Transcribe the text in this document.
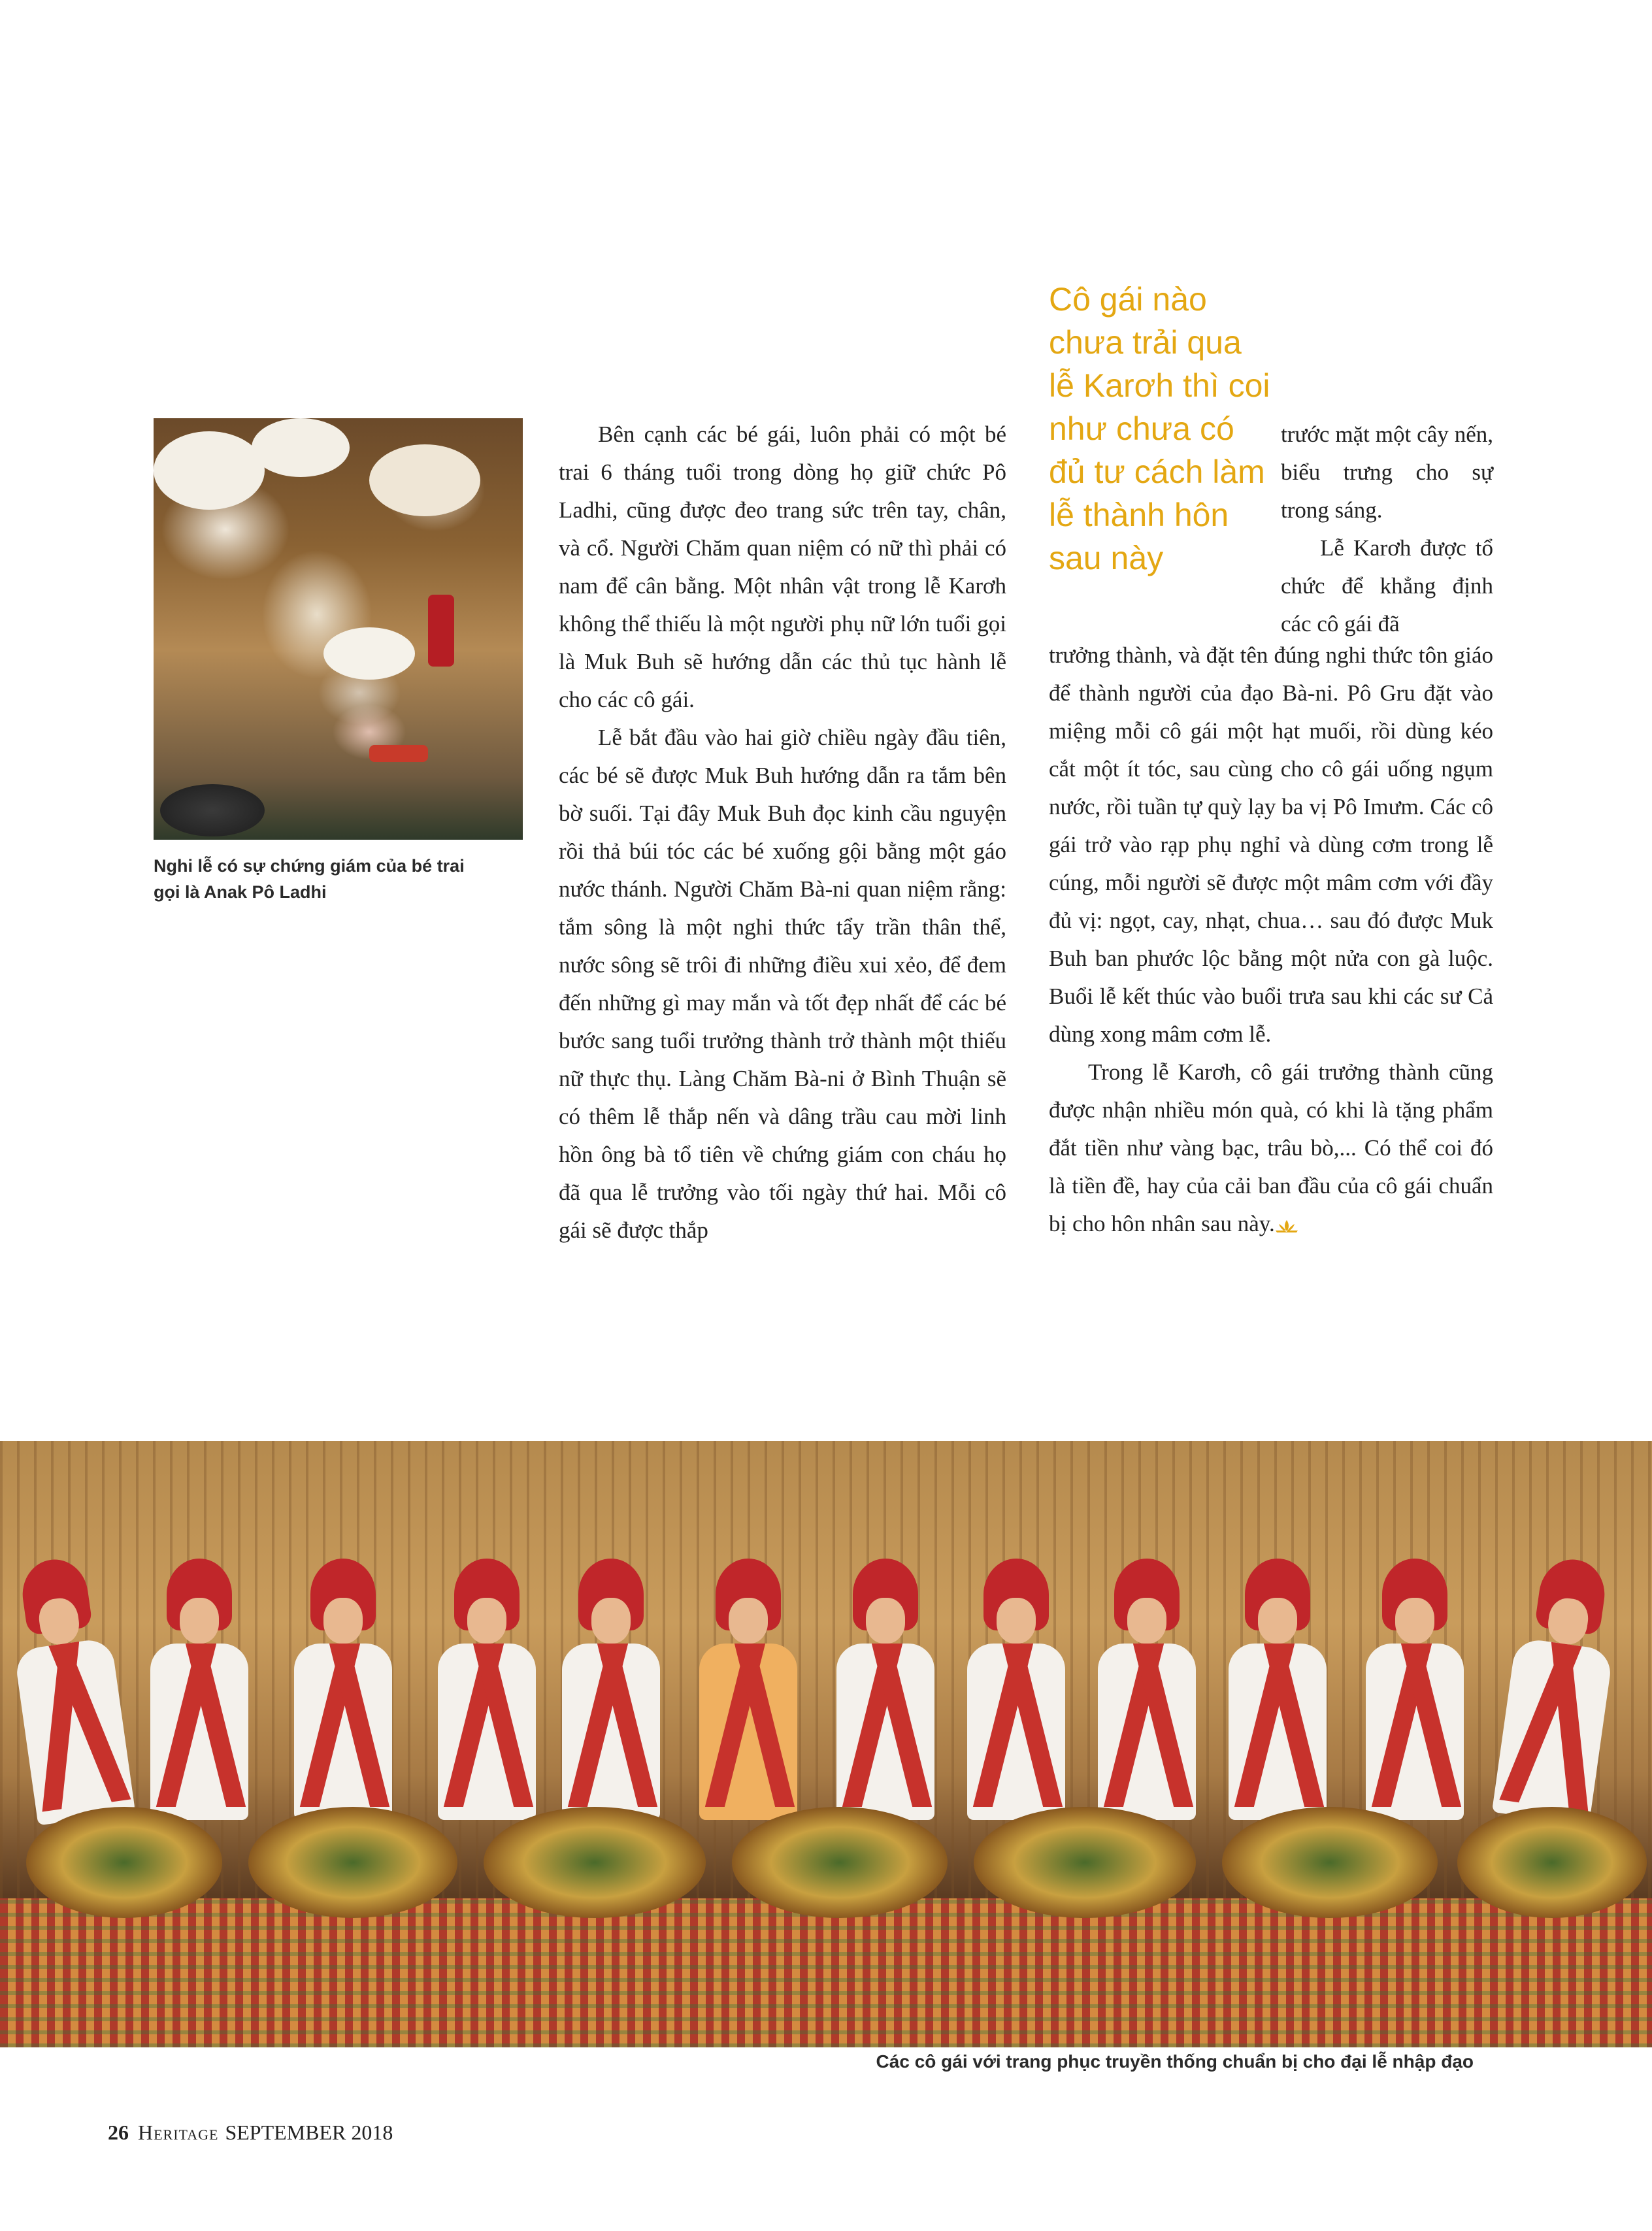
Nghi lễ có sự chứng giám của bé trai
gọi là Anak Pô Ladhi

Bên cạnh các bé gái, luôn phải có một bé trai 6 tháng tuổi trong dòng họ giữ chức Pô Ladhi, cũng được đeo trang sức trên tay, chân, và cổ. Người Chăm quan niệm có nữ thì phải có nam để cân bằng. Một nhân vật trong lễ Karơh không thể thiếu là một người phụ nữ lớn tuổi gọi là Muk Buh sẽ hướng dẫn các thủ tục hành lễ cho các cô gái.

Lễ bắt đầu vào hai giờ chiều ngày đầu tiên, các bé sẽ được Muk Buh hướng dẫn ra tắm bên bờ suối. Tại đây Muk Buh đọc kinh cầu nguyện rồi thả búi tóc các bé xuống gội bằng một gáo nước thánh. Người Chăm Bà-ni quan niệm rằng: tắm sông là một nghi thức tẩy trần thân thể, nước sông sẽ trôi đi những điều xui xẻo, để đem đến những gì may mắn và tốt đẹp nhất để các bé bước sang tuổi trưởng thành trở thành một thiếu nữ thực thụ. Làng Chăm Bà-ni ở Bình Thuận sẽ có thêm lễ thắp nến và dâng trầu cau mời linh hồn ông bà tổ tiên về chứng giám con cháu họ đã qua lễ trưởng vào tối ngày thứ hai. Mỗi cô gái sẽ được thắp

Cô gái nào chưa trải qua lễ Karơh thì coi như chưa có đủ tư cách làm lễ thành hôn sau này

trước mặt một cây nến, biểu trưng cho sự trong sáng.

Lễ Karơh được tổ chức để khẳng định các cô gái đã

trưởng thành, và đặt tên đúng nghi thức tôn giáo để thành người của đạo Bà-ni. Pô Gru đặt vào miệng mỗi cô gái một hạt muối, rồi dùng kéo cắt một ít tóc, sau cùng cho cô gái uống ngụm nước, rồi tuần tự quỳ lạy ba vị Pô Imưm. Các cô gái trở vào rạp phụ nghỉ và dùng cơm trong lễ cúng, mỗi người sẽ được một mâm cơm với đầy đủ vị: ngọt, cay, nhạt, chua… sau đó được Muk Buh ban phước lộc bằng một nửa con gà luộc. Buổi lễ kết thúc vào buổi trưa sau khi các sư Cả dùng xong mâm cơm lễ.

Trong lễ Karơh, cô gái trưởng thành cũng được nhận nhiều món quà, có khi là tặng phẩm đắt tiền như vàng bạc, trâu bò,... Có thể coi đó là tiền đề, hay của cải ban đầu của cô gái chuẩn bị cho hôn nhân sau này.

Các cô gái với trang phục truyền thống chuẩn bị cho đại lễ nhập đạo
26 Heritage SEPTEMBER 2018
